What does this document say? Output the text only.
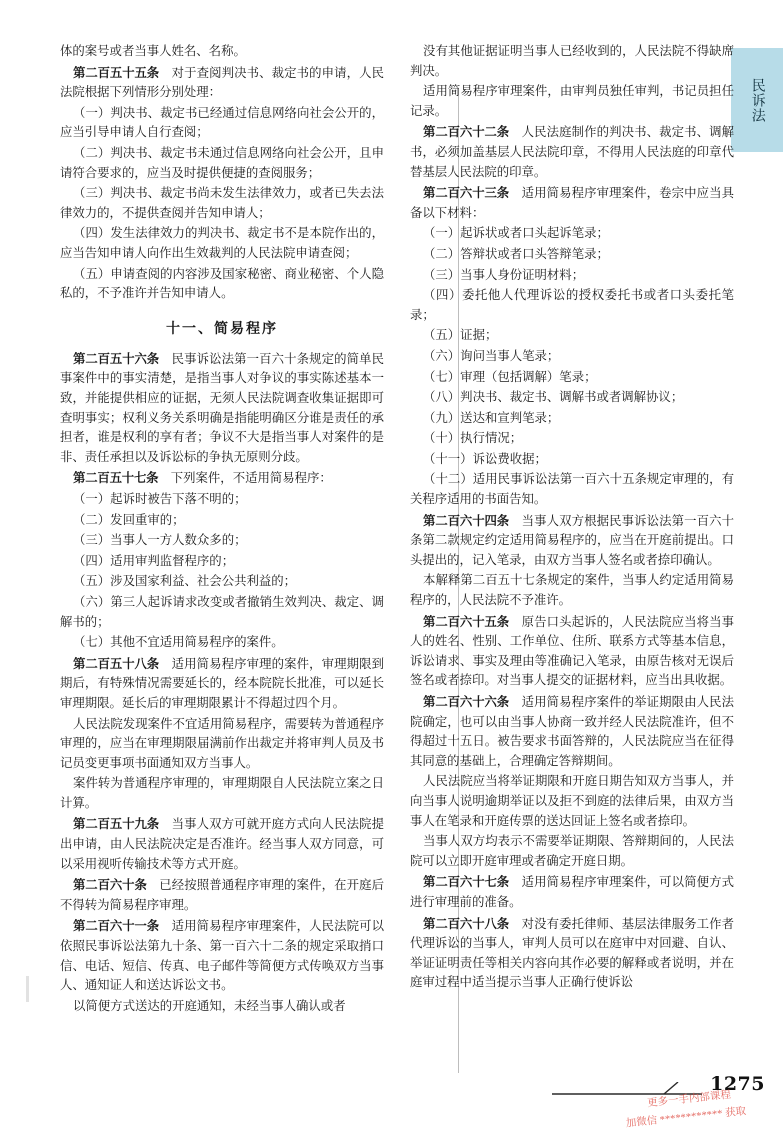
民诉法

体的案号或者当事人姓名、名称。

第二百五十五条　 对于查阅判决书、裁定书的申请，人民法院根据下列情形分别处理：

（一）判决书、裁定书已经通过信息网络向社会公开的，应当引导申请人自行查阅；

（二）判决书、裁定书未通过信息网络向社会公开，且申请符合要求的，应当及时提供便捷的查阅服务；

（三）判决书、裁定书尚未发生法律效力，或者已失去法律效力的，不提供查阅并告知申请人；

（四）发生法律效力的判决书、裁定书不是本院作出的，应当告知申请人向作出生效裁判的人民法院申请查阅；

（五）申请查阅的内容涉及国家秘密、商业秘密、个人隐私的，不予准许并告知申请人。

十一、简易程序

第二百五十六条　 民事诉讼法第一百六十条规定的简单民事案件中的事实清楚，是指当事人对争议的事实陈述基本一致，并能提供相应的证据，无须人民法院调查收集证据即可查明事实；权利义务关系明确是指能明确区分谁是责任的承担者，谁是权利的享有者；争议不大是指当事人对案件的是非、责任承担以及诉讼标的争执无原则分歧。

第二百五十七条　 下列案件，不适用简易程序：

（一）起诉时被告下落不明的；

（二）发回重审的；

（三）当事人一方人数众多的；

（四）适用审判监督程序的；

（五）涉及国家利益、社会公共利益的；

（六）第三人起诉请求改变或者撤销生效判决、裁定、调解书的；

（七）其他不宜适用简易程序的案件。

第二百五十八条　 适用简易程序审理的案件，审理期限到期后，有特殊情况需要延长的，经本院院长批准，可以延长审理期限。延长后的审理期限累计不得超过四个月。

人民法院发现案件不宜适用简易程序，需要转为普通程序审理的，应当在审理期限届满前作出裁定并将审判人员及书记员变更事项书面通知双方当事人。

案件转为普通程序审理的，审理期限自人民法院立案之日计算。

第二百五十九条　 当事人双方可就开庭方式向人民法院提出申请，由人民法院决定是否准许。经当事人双方同意，可以采用视听传输技术等方式开庭。

第二百六十条　 已经按照普通程序审理的案件，在开庭后不得转为简易程序审理。

第二百六十一条　 适用简易程序审理案件，人民法院可以依照民事诉讼法第九十条、第一百六十二条的规定采取捎口信、电话、短信、传真、电子邮件等简便方式传唤双方当事人、通知证人和送达诉讼文书。

以简便方式送达的开庭通知，未经当事人确认或者

没有其他证据证明当事人已经收到的，人民法院不得缺席判决。

适用简易程序审理案件，由审判员独任审判，书记员担任记录。

第二百六十二条　 人民法庭制作的判决书、裁定书、调解书，必须加盖基层人民法院印章，不得用人民法庭的印章代替基层人民法院的印章。

第二百六十三条　 适用简易程序审理案件，卷宗中应当具备以下材料：

（一）起诉状或者口头起诉笔录；

（二）答辩状或者口头答辩笔录；

（三）当事人身份证明材料；

（四）委托他人代理诉讼的授权委托书或者口头委托笔录；

（五）证据；

（六）询问当事人笔录；

（七）审理（包括调解）笔录；

（八）判决书、裁定书、调解书或者调解协议；

（九）送达和宣判笔录；

（十）执行情况；

（十一）诉讼费收据；

（十二）适用民事诉讼法第一百六十五条规定审理的，有关程序适用的书面告知。

第二百六十四条　 当事人双方根据民事诉讼法第一百六十条第二款规定约定适用简易程序的，应当在开庭前提出。口头提出的，记入笔录，由双方当事人签名或者捺印确认。

本解释第二百五十七条规定的案件，当事人约定适用简易程序的，人民法院不予准许。

第二百六十五条　 原告口头起诉的，人民法院应当将当事人的姓名、性别、工作单位、住所、联系方式等基本信息，诉讼请求、事实及理由等准确记入笔录，由原告核对无误后签名或者捺印。对当事人提交的证据材料，应当出具收据。

第二百六十六条　 适用简易程序案件的举证期限由人民法院确定，也可以由当事人协商一致并经人民法院准许，但不得超过十五日。被告要求书面答辩的，人民法院应当在征得其同意的基础上，合理确定答辩期间。

人民法院应当将举证期限和开庭日期告知双方当事人，并向当事人说明逾期举证以及拒不到庭的法律后果，由双方当事人在笔录和开庭传票的送达回证上签名或者捺印。

当事人双方均表示不需要举证期限、答辩期间的，人民法院可以立即开庭审理或者确定开庭日期。

第二百六十七条　 适用简易程序审理案件，可以简便方式进行审理前的准备。

第二百六十八条　 对没有委托律师、基层法律服务工作者代理诉讼的当事人，审判人员可以在庭审中对回避、自认、举证证明责任等相关内容向其作必要的解释或者说明，并在庭审过程中适当提示当事人正确行使诉讼

1275
加微信 ************ 获取
更多一手内部课程
